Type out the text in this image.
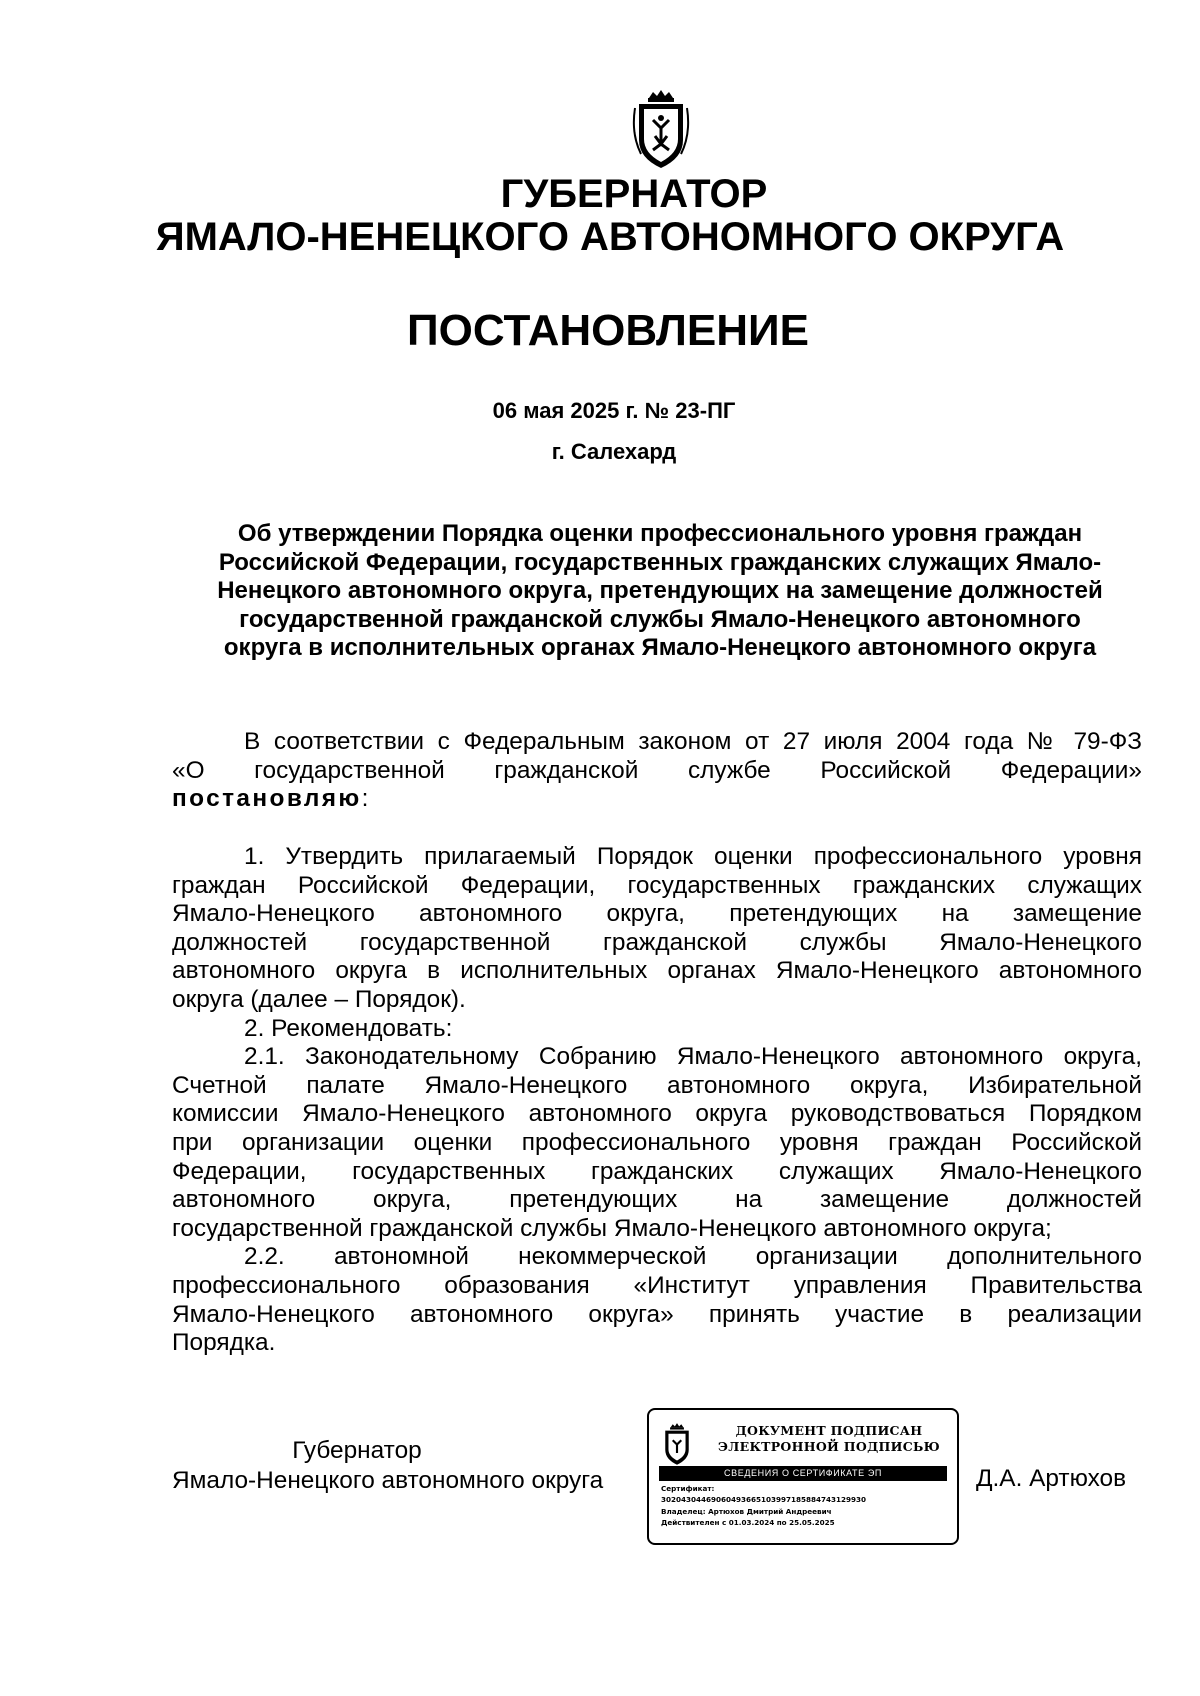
ГУБЕРНАТОР
ЯМАЛО-НЕНЕЦКОГО АВТОНОМНОГО ОКРУГА
ПОСТАНОВЛЕНИЕ
06 мая 2025 г. № 23-ПГ
г. Салехард
Об утверждении Порядка оценки профессионального уровня граждан
Российской Федерации, государственных гражданских служащих Ямало-
Ненецкого автономного округа, претендующих на замещение должностей
государственной гражданской службы Ямало-Ненецкого автономного
округа в исполнительных органах Ямало-Ненецкого автономного округа
В соответствии с Федеральным законом от 27 июля 2004 года № 79-ФЗ
«О государственной гражданской службе Российской Федерации»
постановляю:
1. Утвердить прилагаемый Порядок оценки профессионального уровня
граждан Российской Федерации, государственных гражданских служащих
Ямало-Ненецкого автономного округа, претендующих на замещение
должностей государственной гражданской службы Ямало-Ненецкого
автономного округа в исполнительных органах Ямало-Ненецкого автономного
округа (далее – Порядок).
2. Рекомендовать:
2.1. Законодательному Собранию Ямало-Ненецкого автономного округа,
Счетной палате Ямало-Ненецкого автономного округа, Избирательной
комиссии Ямало-Ненецкого автономного округа руководствоваться Порядком
при организации оценки профессионального уровня граждан Российской
Федерации, государственных гражданских служащих Ямало-Ненецкого
автономного округа, претендующих на замещение должностей
государственной гражданской службы Ямало-Ненецкого автономного округа;
2.2. автономной некоммерческой организации дополнительного
профессионального образования «Институт управления Правительства
Ямало-Ненецкого автономного округа» принять участие в реализации
Порядка.
Губернатор
Ямало-Ненецкого автономного округа
ДОКУМЕНТ ПОДПИСАН
ЭЛЕКТРОННОЙ ПОДПИСЬЮ
СВЕДЕНИЯ О СЕРТИФИКАТЕ ЭП
Сертификат:
30204304469060493665103997185884743129930
Владелец: Артюхов Дмитрий Андреевич
Действителен с 01.03.2024 по 25.05.2025
Д.А. Артюхов
